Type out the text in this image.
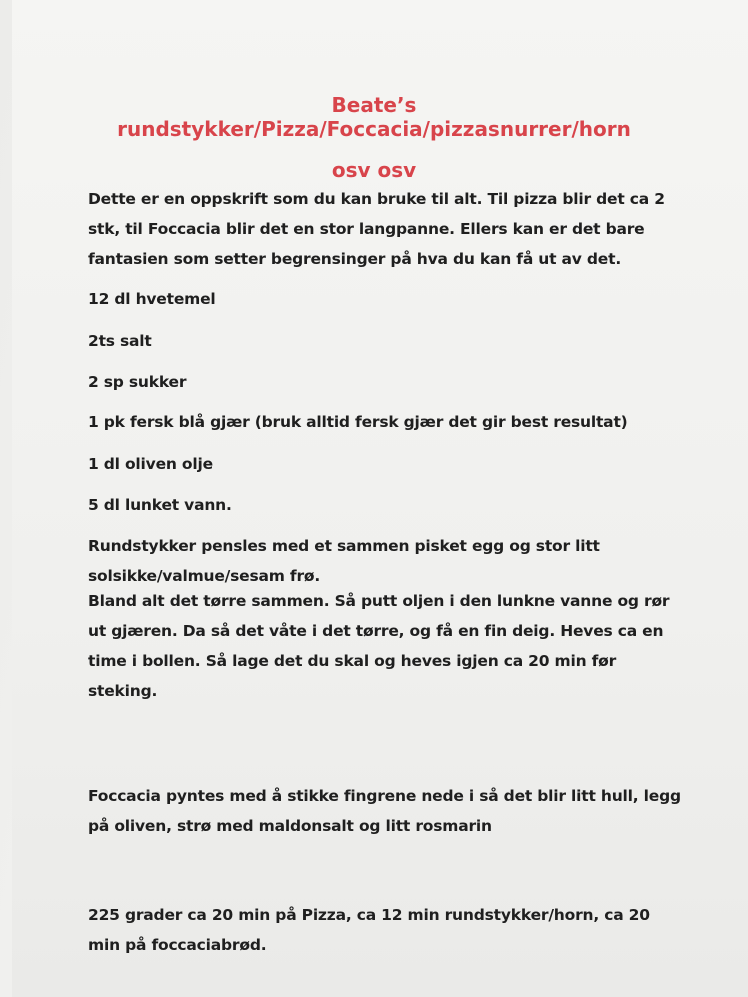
Beate’s
rundstykker/Pizza/Foccacia/pizzasnurrer/horn
osv osv
Dette er en oppskrift som du kan bruke til alt. Til pizza blir det ca 2
stk, til Foccacia blir det en stor langpanne. Ellers kan er det bare
fantasien som setter begrensinger på hva du kan få ut av det.
12 dl hvetemel
2ts salt
2 sp sukker
1 pk fersk blå gjær (bruk alltid fersk gjær det gir best resultat)
1 dl oliven olje
5 dl lunket vann.
Rundstykker pensles med et sammen pisket egg og stor litt
solsikke/valmue/sesam frø.
Bland alt det tørre sammen. Så putt oljen i den lunkne vanne og rør
ut gjæren. Da så det våte i det tørre, og få en fin deig. Heves ca en
time i bollen. Så lage det du skal og heves igjen ca 20 min før
steking.
Foccacia pyntes med å stikke fingrene nede i så det blir litt hull, legg
på oliven, strø med maldonsalt og litt rosmarin
225 grader ca 20 min på Pizza, ca 12 min rundstykker/horn, ca 20
min på foccaciabrød.
